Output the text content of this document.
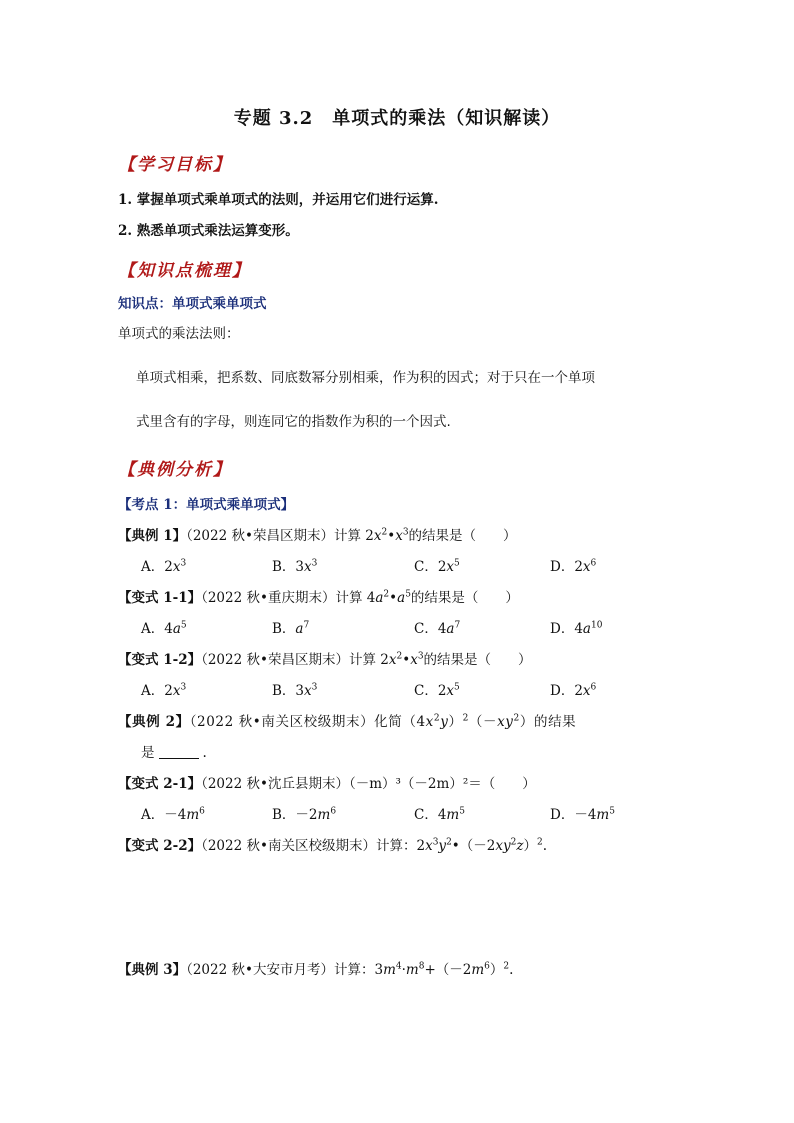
专题 3.2　单项式的乘法（知识解读）
【学习目标】
1. 掌握单项式乘单项式的法则，并运用它们进行运算.
2. 熟悉单项式乘法运算变形。
【知识点梳理】
知识点：单项式乘单项式
单项式的乘法法则：
单项式相乘，把系数、同底数幂分别相乘，作为积的因式；对于只在一个单项
式里含有的字母，则连同它的指数作为积的一个因式.
【典例分析】
【考点 1：单项式乘单项式】
【典例 1】（2022 秋•荣昌区期末）计算 $2x^2•x^3$的结果是（　　）
A．$2x^3$	B．$3x^3$	C．$2x^5$	D．$2x^6$
【变式 1-1】（2022 秋•重庆期末）计算 $4a^2•a^5$的结果是（　　）
A．$4a^5$	B．$a^7$	C．$4a^7$	D．$4a^{10}$
【变式 1-2】（2022 秋•荣昌区期末）计算 $2x^2•x^3$的结果是（　　）
A．$2x^3$	B．$3x^3$	C．$2x^5$	D．$2x^6$
【典例 2】（2022 秋•南关区校级期末）化简$(4x^2y)^2(-xy^2)$的结果
是	.
【变式 2-1】（2022 秋•沈丘县期末）（－m）³（－2m）²＝（　　）
A．$-4m^6$	B．$-2m^6$	C．$4m^5$	D．$-4m^5$
【变式 2-2】（2022 秋•南关区校级期末）计算：$2x^3y^2•(-2xy^2z)^2$.
【典例 3】（2022 秋•大安市月考）计算：$3m^4\cdot m^8+(-2m^6)^2$.
